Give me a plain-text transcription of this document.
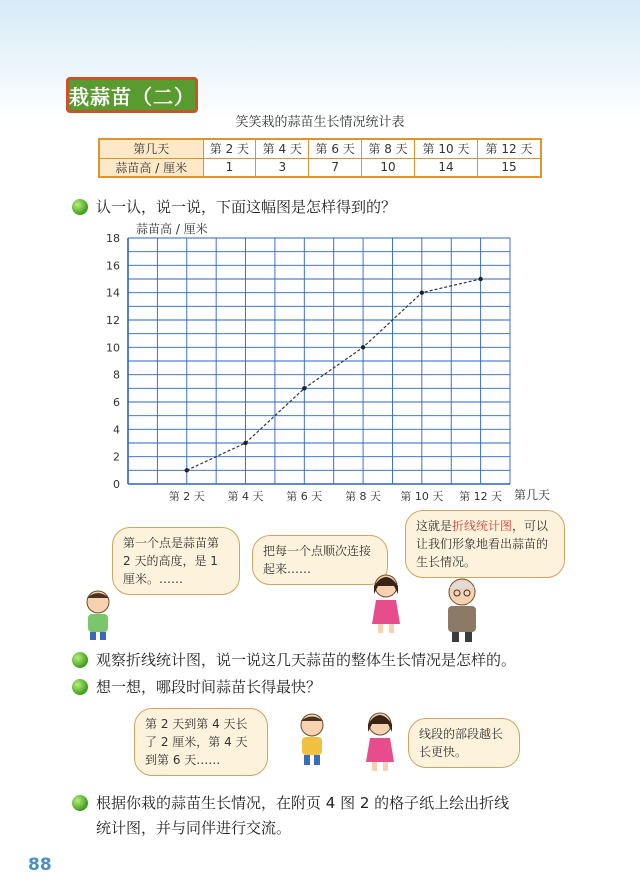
栽蒜苗（二）
笑笑栽的蒜苗生长情况统计表
第几天	第 2 天	第 4 天	第 6 天	第 8 天	第 10 天	第 12 天
蒜苗高 / 厘米	1	3	7	10	14	15
认一认，说一说，下面这幅图是怎样得到的？
0
2
4
6
8
10
12
14
16
18
第 2 天 第 4 天 第 6 天 第 8 天 第 10 天 第 12 天
蒜苗高 / 厘米
第几天
第一个点是蒜苗第 2 天的高度，是 1 厘米。……
把每一个点顺次连接起来……
这就是折线统计图，可以让我们形象地看出蒜苗的生长情况。
观察折线统计图，说一说这几天蒜苗的整体生长情况是怎样的。
想一想，哪段时间蒜苗长得最快？
第 2 天到第 4 天长了 2 厘米，第 4 天到第 6 天……
线段的部段越长长更快。
根据你栽的蒜苗生长情况，在附页 4 图 2 的格子纸上绘出折线
统计图，并与同伴进行交流。
88
